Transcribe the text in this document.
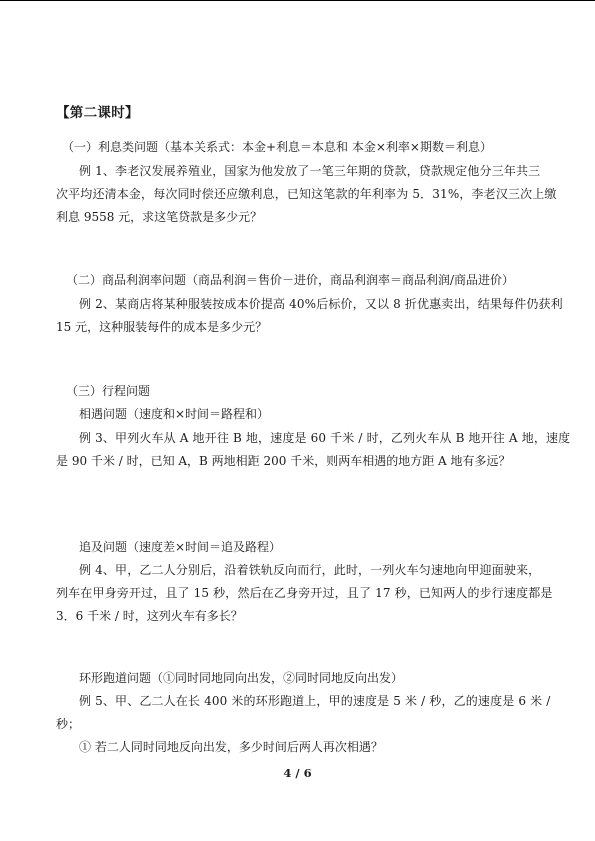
【第二课时】
（一）利息类问题（基本关系式：本金+利息＝本息和 本金×利率×期数＝利息）
例 1、李老汉发展养殖业，国家为他发放了一笔三年期的贷款，贷款规定他分三年共三
次平均还清本金，每次同时偿还应缴利息，已知这笔款的年利率为 5．31%，李老汉三次上缴
利息 9558 元，求这笔贷款是多少元？
（二）商品利润率问题（商品利润＝售价－进价，商品利润率＝商品利润/商品进价）
例 2、某商店将某种服装按成本价提高 40%后标价，又以 8 折优惠卖出，结果每件仍获利
15 元，这种服装每件的成本是多少元？
（三）行程问题
相遇问题（速度和×时间＝路程和）
例 3、甲列火车从 A 地开往 B 地，速度是 60 千米 / 时，乙列火车从 B 地开往 A 地，速度
是 90 千米 / 时，已知 A，B 两地相距 200 千米，则两车相遇的地方距 A 地有多远？
追及问题（速度差×时间＝追及路程）
例 4、甲，乙二人分别后，沿着铁轨反向而行，此时，一列火车匀速地向甲迎面驶来，
列车在甲身旁开过，且了 15 秒，然后在乙身旁开过，且了 17 秒，已知两人的步行速度都是
3．6 千米 / 时，这列火车有多长？
环形跑道问题（①同时同地同向出发，②同时同地反向出发）
例 5、甲、乙二人在长 400 米的环形跑道上，甲的速度是 5 米 / 秒，乙的速度是 6 米 /
秒；
① 若二人同时同地反向出发，多少时间后两人再次相遇？
4 / 6
